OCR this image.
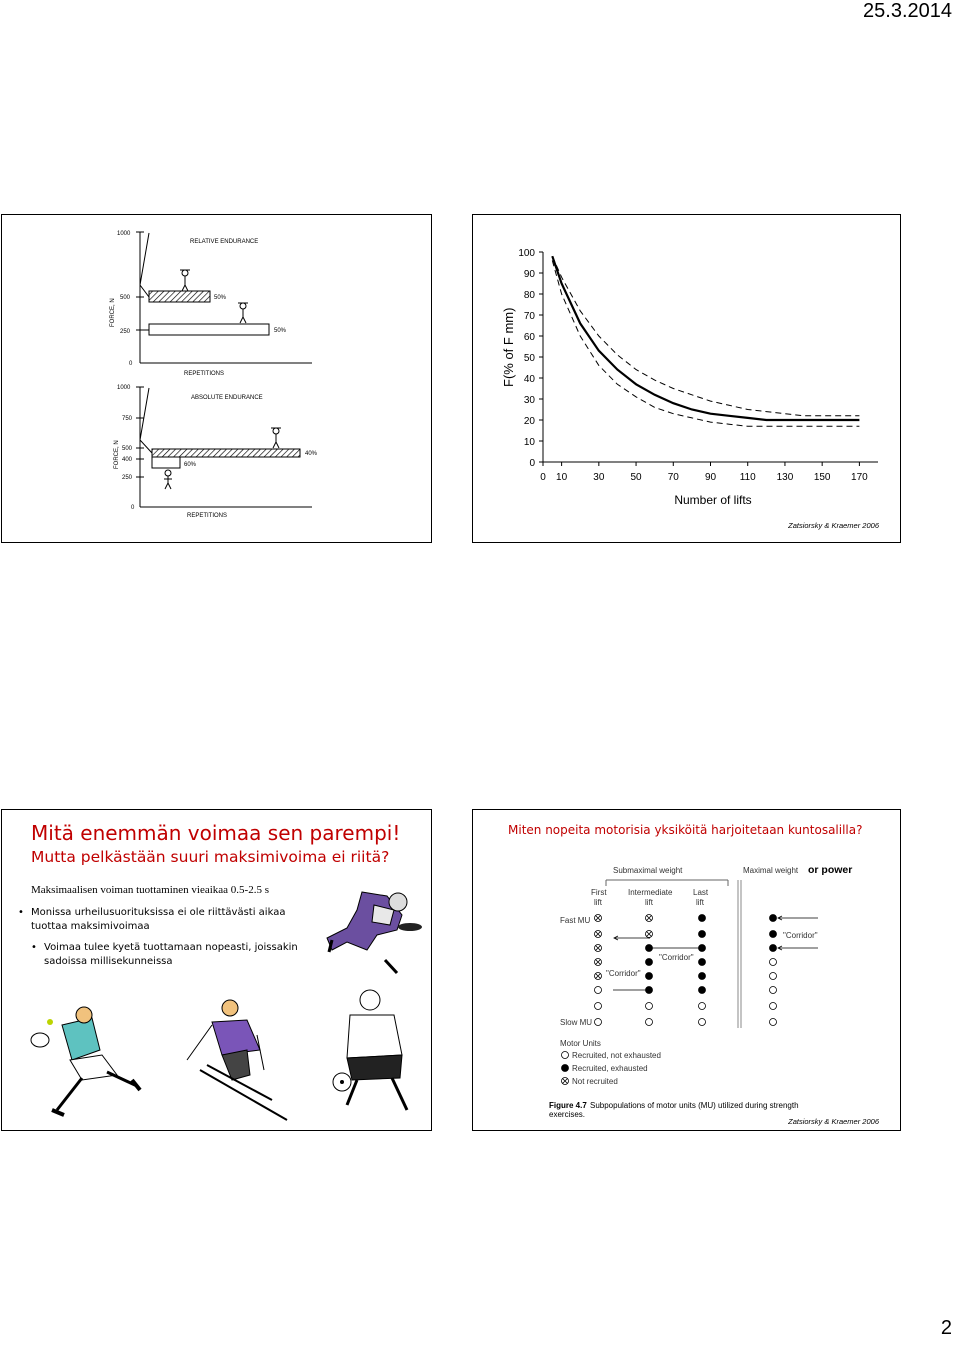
25.3.2014
RELATIVE ENDURANCE
1000
500
250
0
FORCE, N
REPETITIONS
50%
50%
ABSOLUTE ENDURANCE
1000
750
500
400
250
0
FORCE, N
REPETITIONS
40%
60%
F(% of F mm)
Number of lifts
Zatsiorsky & Kraemer 2006
100
90
80
70
60
50
40
30
20
10
0
0 10	30	50	70	90 110 130 150 170
Mitä enemmän voimaa sen parempi!
Mutta pelkästään suuri maksimivoima ei riitä?
Maksimaalisen voiman tuottaminen vieaikaa 0.5-2.5 s
• Monissa urheilusuorituksissa ei ole riittävästi aikaa tuottaa maksimivoimaa
• Voimaa tulee kyetä tuottamaan nopeasti, joissakin sadoissa millisekunneissa
Miten nopeita motorisia yksiköitä harjoitetaan kuntosalilla?
Submaximal weight	Maximal weight or power
First
lift
Intermediate
lift
Last
lift
Fast MU
Slow MU
"Corridor"
"Corridor"
"Corridor"
Motor Units
Recruited, not exhausted
Recruited, exhausted
Not recruited
Figure 4.7 Subpopulations of motor units (MU) utilized during strength
exercises.
Zatsiorsky & Kraemer 2006
2
